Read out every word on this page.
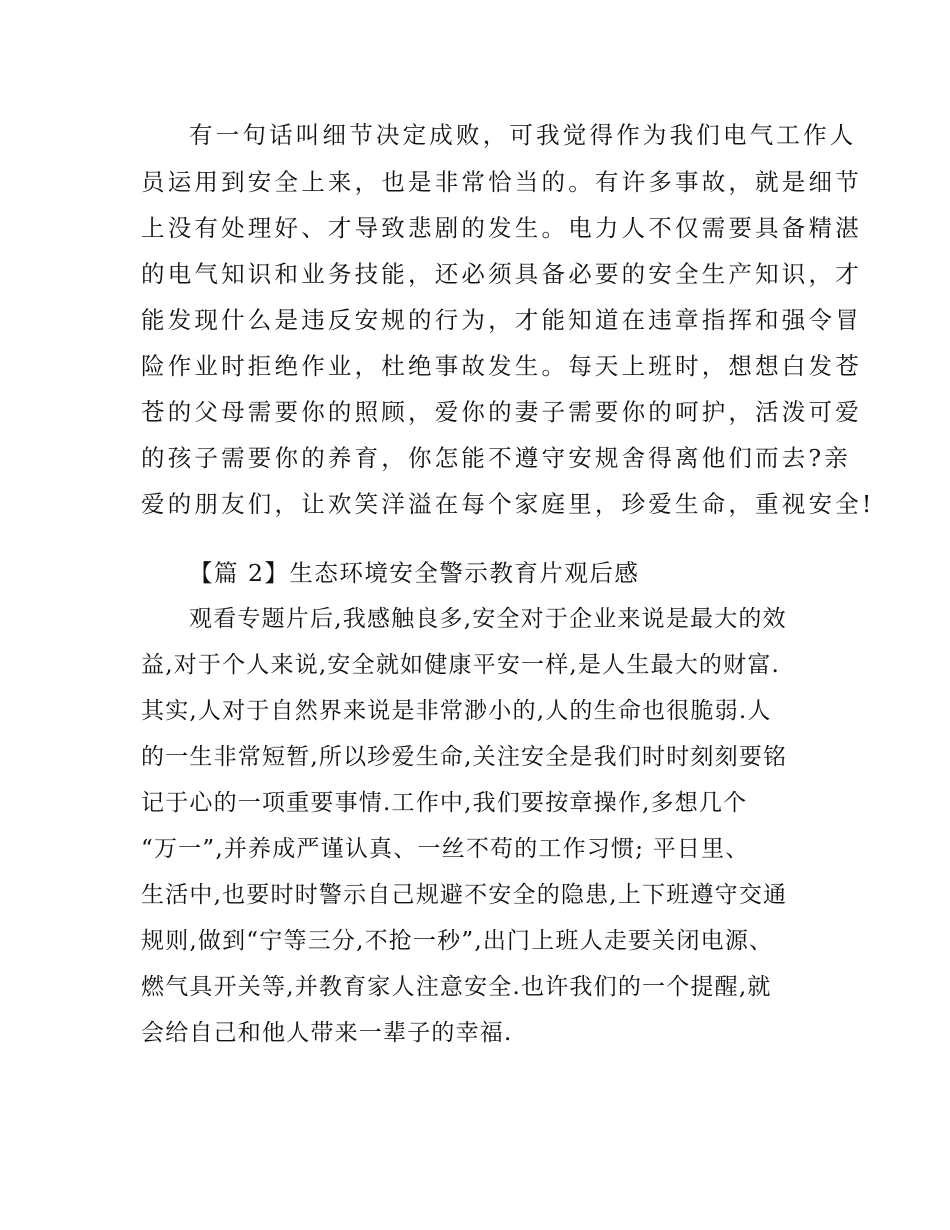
有一句话叫细节决定成败，可我觉得作为我们电气工作人
员运用到安全上来，也是非常恰当的。有许多事故，就是细节
上没有处理好、才导致悲剧的发生。电力人不仅需要具备精湛
的电气知识和业务技能，还必须具备必要的安全生产知识，才
能发现什么是违反安规的行为，才能知道在违章指挥和强令冒
险作业时拒绝作业，杜绝事故发生。每天上班时，想想白发苍
苍的父母需要你的照顾，爱你的妻子需要你的呵护，活泼可爱
的孩子需要你的养育，你怎能不遵守安规舍得离他们而去?亲
爱的朋友们，让欢笑洋溢在每个家庭里，珍爱生命，重视安全!
【篇 2】生态环境安全警示教育片观后感
观看专题片后,我感触良多,安全对于企业来说是最大的效
益,对于个人来说,安全就如健康平安一样,是人生最大的财富.
其实,人对于自然界来说是非常渺小的,人的生命也很脆弱.人
的一生非常短暂,所以珍爱生命,关注安全是我们时时刻刻要铭
记于心的一项重要事情.工作中,我们要按章操作,多想几个
“万一”,并养成严谨认真、一丝不苟的工作习惯; 平日里、
生活中,也要时时警示自己规避不安全的隐患,上下班遵守交通
规则,做到“宁等三分,不抢一秒”,出门上班人走要关闭电源、
燃气具开关等,并教育家人注意安全.也许我们的一个提醒,就
会给自己和他人带来一辈子的幸福.
